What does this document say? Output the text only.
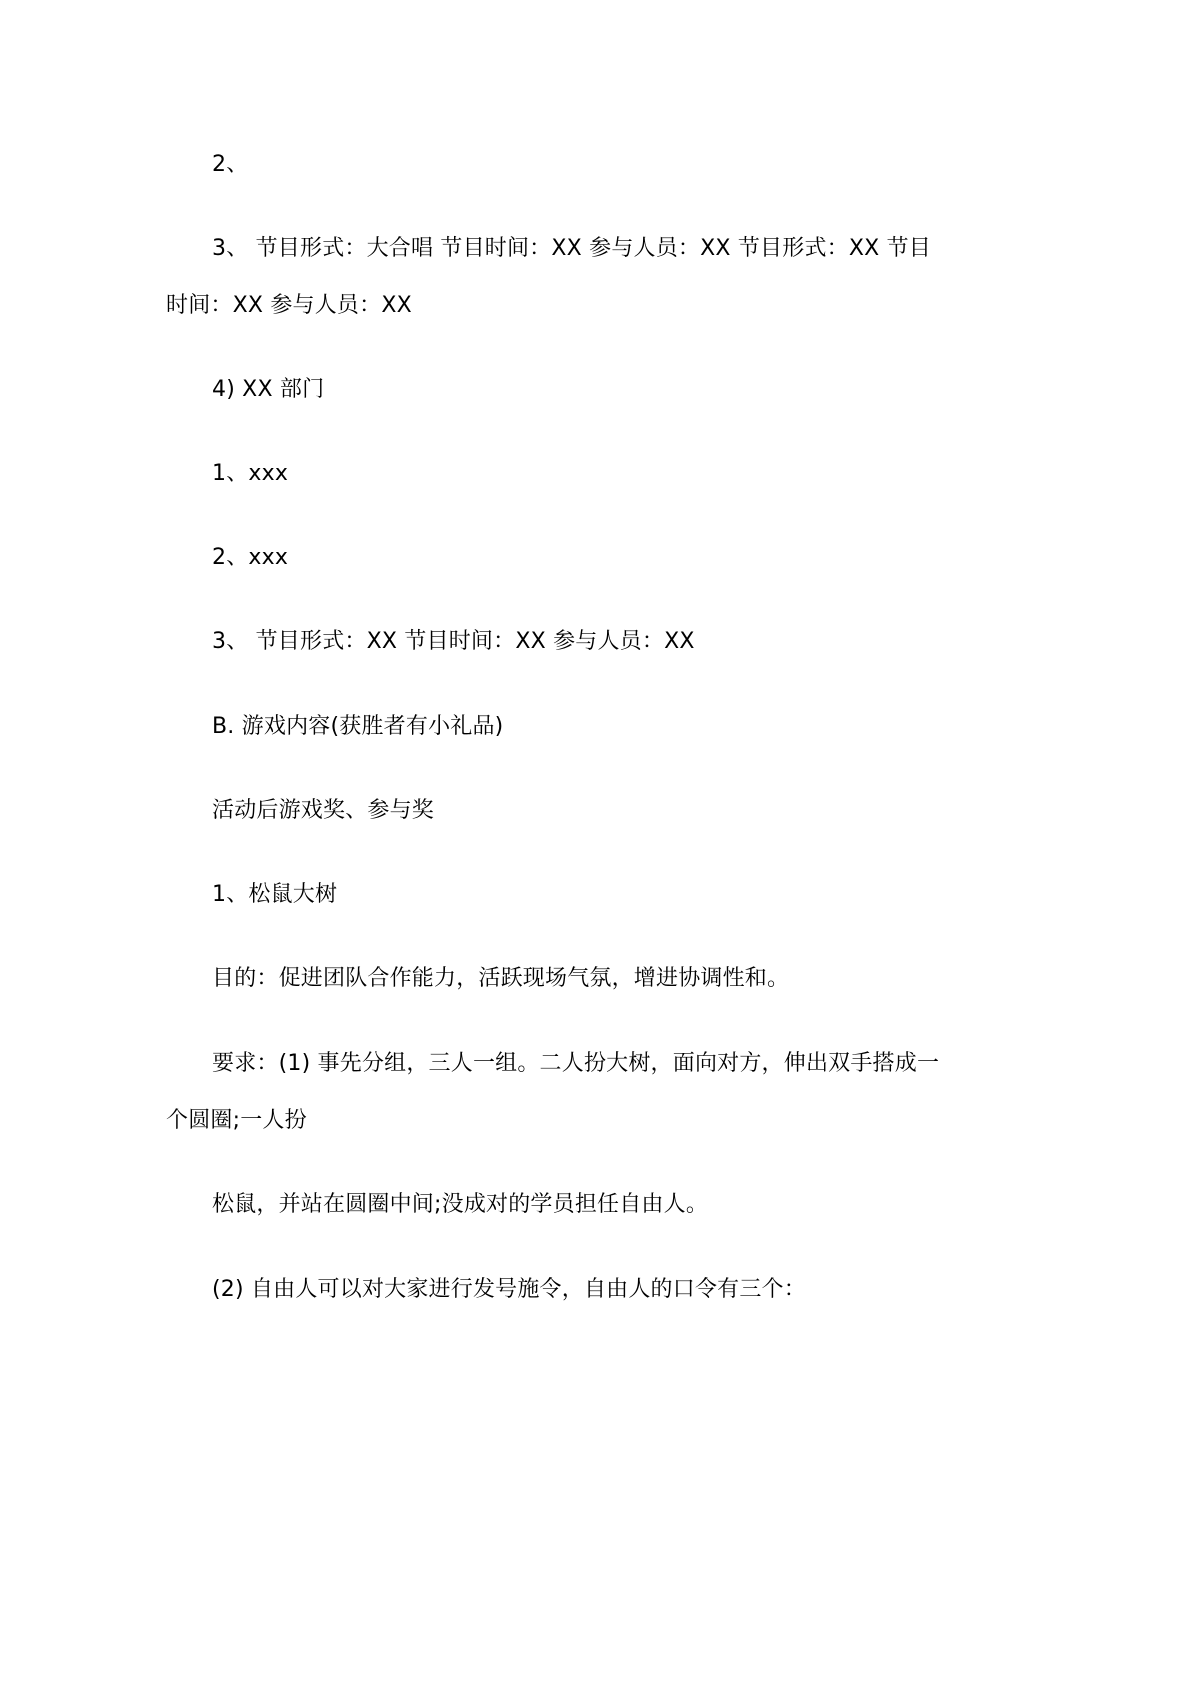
2、
3、 节目形式：大合唱 节目时间：XX 参与人员：XX 节目形式：XX 节目
时间：XX 参与人员：XX
4) XX 部门
1、xxx
2、xxx
3、 节目形式：XX 节目时间：XX 参与人员：XX
B. 游戏内容(获胜者有小礼品)
活动后游戏奖、参与奖
1、松鼠大树
目的：促进团队合作能力，活跃现场气氛，增进协调性和。
要求：(1) 事先分组，三人一组。二人扮大树，面向对方，伸出双手搭成一
个圆圈;一人扮
松鼠，并站在圆圈中间;没成对的学员担任自由人。
(2) 自由人可以对大家进行发号施令，自由人的口令有三个：
